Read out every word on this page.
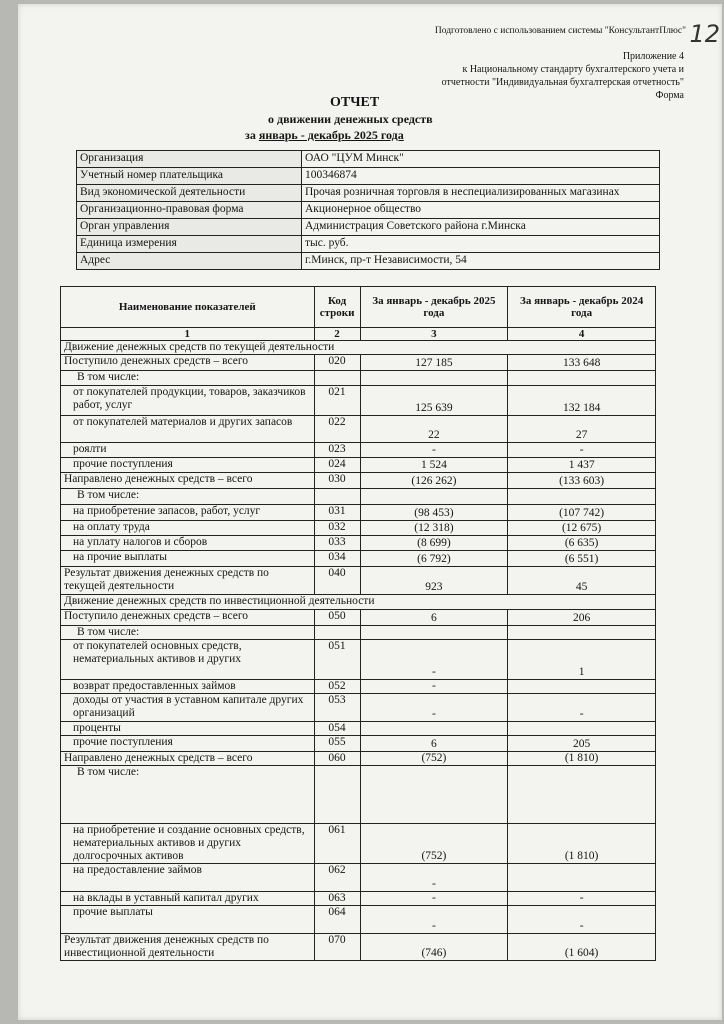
Подготовлено с использованием системы "КонсультантПлюс" 12
Приложение 4
к Национальному стандарту бухгалтерского учета и
отчетности "Индивидуальная бухгалтерская отчетность"
Форма
ОТЧЕТ
о движении денежных средств
за январь - декабрь 2025 года
Организация	ОАО "ЦУМ Минск"
Учетный номер плательщика	100346874
Вид экономической деятельности	Прочая розничная торговля в неспециализированных магазинах
Организационно-правовая форма	Акционерное общество
Орган управления	Администрация Советского района г.Минска
Единица измерения	тыс. руб.
Адрес	г.Минск, пр-т Независимости, 54
Наименование показателей	Код строки	За январь - декабрь 2025 года	За январь - декабрь 2024 года
1	2	3	4
Движение денежных средств по текущей деятельности			
Поступило денежных средств – всего	020	127 185	133 648
В том числе:			
от покупателей продукции, товаров, заказчиков работ, услуг	021	125 639	132 184
от покупателей материалов и других запасов	022	22	27
роялти	023	-	-
прочие поступления	024	1 524	1 437
Направлено денежных средств – всего	030	(126 262)	(133 603)
В том числе:			
на приобретение запасов, работ, услуг	031	(98 453)	(107 742)
на оплату труда	032	(12 318)	(12 675)
на уплату налогов и сборов	033	(8 699)	(6 635)
на прочие выплаты	034	(6 792)	(6 551)
Результат движения денежных средств по текущей деятельности	040	923	45
Движение денежных средств по инвестиционной деятельности			
Поступило денежных средств – всего	050	6	206
В том числе:			
от покупателей основных средств, нематериальных активов и других	051	-	1
возврат предоставленных займов	052	-	
доходы от участия в уставном капитале других организаций	053	-	-
проценты	054		
прочие поступления	055	6	205
Направлено денежных средств – всего	060	(752)	(1 810)
В том числе:			
на приобретение и создание основных средств, нематериальных активов и других долгосрочных активов	061	(752)	(1 810)
на предоставление займов	062	-	
на вклады в уставный капитал других	063	-	-
прочие выплаты	064	-	-
Результат движения денежных средств по инвестиционной деятельности	070	(746)	(1 604)
